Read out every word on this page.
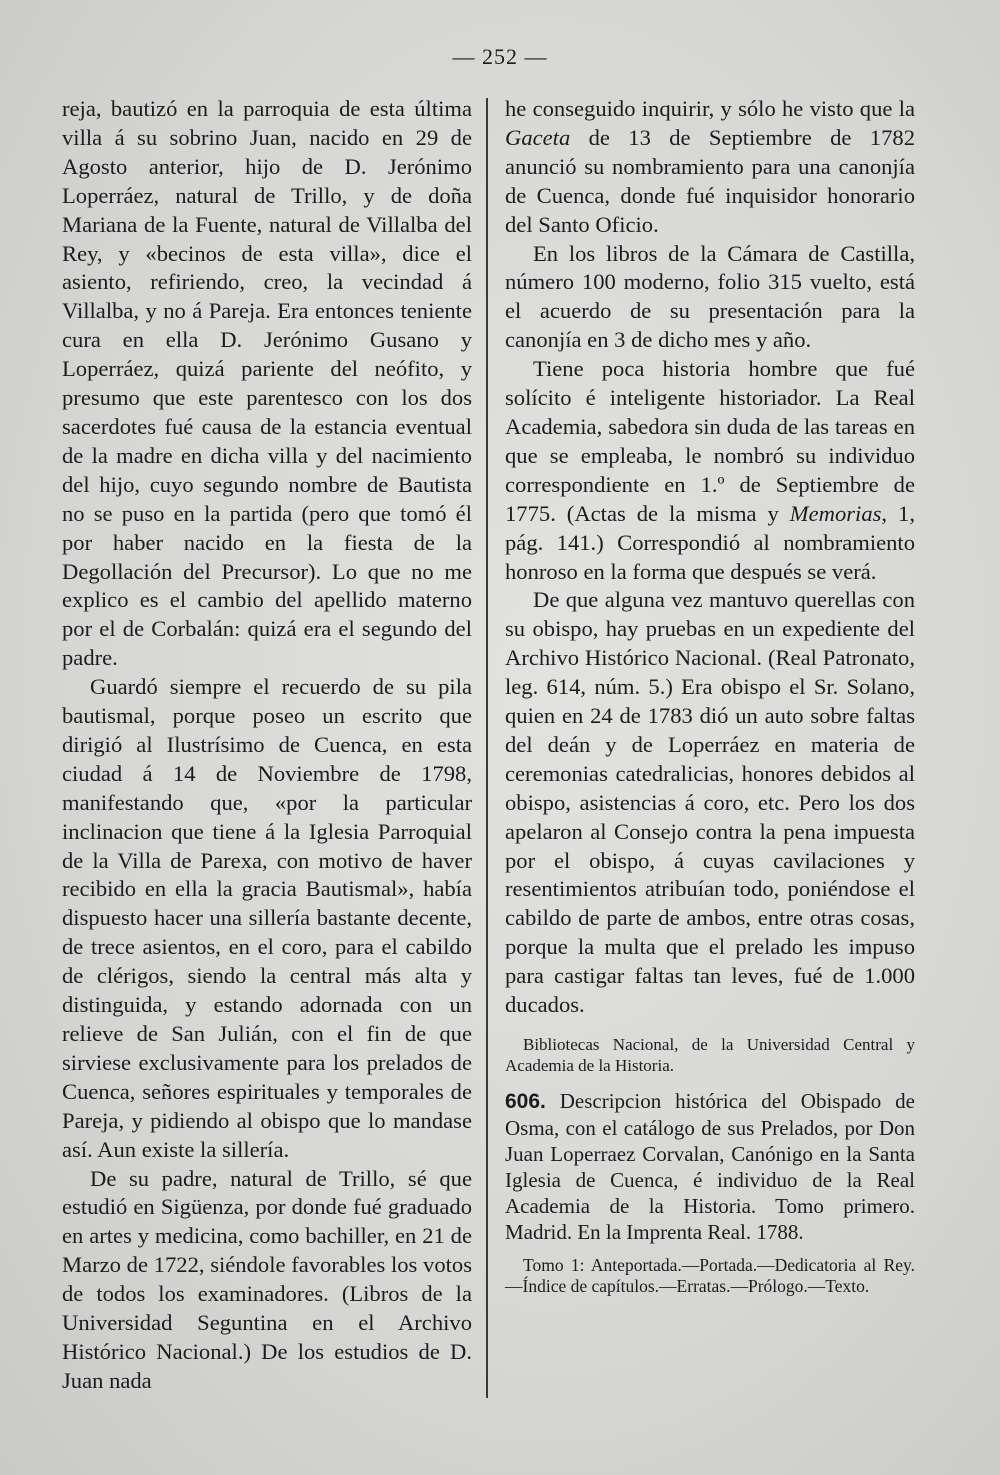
— 252 —

reja, bautizó en la parroquia de esta última villa á su sobrino Juan, nacido en 29 de Agosto anterior, hijo de D. Jerónimo Loperráez, natural de Trillo, y de doña Mariana de la Fuente, natural de Villalba del Rey, y «becinos de esta villa», dice el asiento, refiriendo, creo, la vecindad á Villalba, y no á Pareja. Era entonces teniente cura en ella D. Jerónimo Gusano y Loperráez, quizá pariente del neófito, y presumo que este parentesco con los dos sacerdotes fué causa de la estancia eventual de la madre en dicha villa y del nacimiento del hijo, cuyo segundo nombre de Bautista no se puso en la partida (pero que tomó él por haber nacido en la fiesta de la Degollación del Precursor). Lo que no me explico es el cambio del apellido materno por el de Corbalán: quizá era el segundo del padre.

Guardó siempre el recuerdo de su pila bautismal, porque poseo un escrito que dirigió al Ilustrísimo de Cuenca, en esta ciudad á 14 de Noviembre de 1798, manifestando que, «por la particular inclinacion que tiene á la Iglesia Parroquial de la Villa de Parexa, con motivo de haver recibido en ella la gracia Bautismal», había dispuesto hacer una sillería bastante decente, de trece asientos, en el coro, para el cabildo de clérigos, siendo la central más alta y distinguida, y estando adornada con un relieve de San Julián, con el fin de que sirviese exclusivamente para los prelados de Cuenca, señores espirituales y temporales de Pareja, y pidiendo al obispo que lo mandase así. Aun existe la sillería.

De su padre, natural de Trillo, sé que estudió en Sigüenza, por donde fué graduado en artes y medicina, como bachiller, en 21 de Marzo de 1722, siéndole favorables los votos de todos los examinadores. (Libros de la Universidad Seguntina en el Archivo Histórico Nacional.) De los estudios de D. Juan nada

he conseguido inquirir, y sólo he visto que la Gaceta de 13 de Septiembre de 1782 anunció su nombramiento para una canonjía de Cuenca, donde fué inquisidor honorario del Santo Oficio.

En los libros de la Cámara de Castilla, número 100 moderno, folio 315 vuelto, está el acuerdo de su presentación para la canonjía en 3 de dicho mes y año.

Tiene poca historia hombre que fué solícito é inteligente historiador. La Real Academia, sabedora sin duda de las tareas en que se empleaba, le nombró su individuo correspondiente en 1.º de Septiembre de 1775. (Actas de la misma y Memorias, 1, pág. 141.) Correspondió al nombramiento honroso en la forma que después se verá.

De que alguna vez mantuvo querellas con su obispo, hay pruebas en un expediente del Archivo Histórico Nacional. (Real Patronato, leg. 614, núm. 5.) Era obispo el Sr. Solano, quien en 24 de 1783 dió un auto sobre faltas del deán y de Loperráez en materia de ceremonias catedralicias, honores debidos al obispo, asistencias á coro, etc. Pero los dos apelaron al Consejo contra la pena impuesta por el obispo, á cuyas cavilaciones y resentimientos atribuían todo, poniéndose el cabildo de parte de ambos, entre otras cosas, porque la multa que el prelado les impuso para castigar faltas tan leves, fué de 1.000 ducados.

Bibliotecas Nacional, de la Universidad Central y Academia de la Historia.

606. Descripcion histórica del Obispado de Osma, con el catálogo de sus Prelados, por Don Juan Loperraez Corvalan, Canónigo en la Santa Iglesia de Cuenca, é individuo de la Real Academia de la Historia. Tomo primero. Madrid. En la Imprenta Real. 1788.

Tomo 1: Anteportada.—Portada.—Dedicatoria al Rey.—Índice de capítulos.—Erratas.—Prólogo.—Texto.
